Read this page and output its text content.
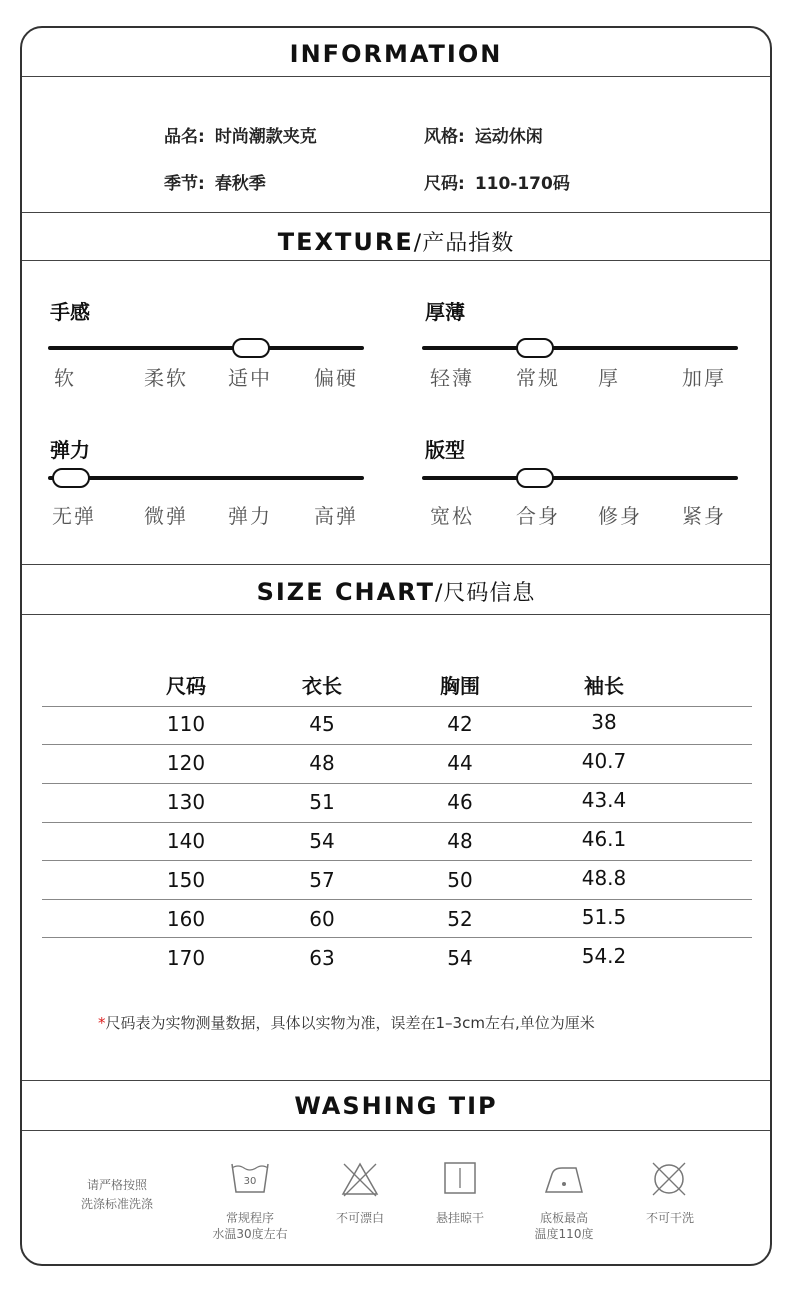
INFORMATION
品名: 时尚潮款夹克	风格: 运动休闲
季节: 春秋季	尺码: 110-170码
TEXTURE/产品指数
手感
软	柔软 适中 偏硬
厚薄
轻薄 常规 厚	加厚
弹力
无弹 微弹 弹力 高弹
版型
宽松 合身 修身 紧身
SIZE CHART/尺码信息
尺码	衣长	胸围	袖长
110	45	42	38
120	48	44	40.7
130	51	46	43.4
140	54	48	46.1
150	57	50	48.8
160	60	52	51.5
170	63	54	54.2
*尺码表为实物测量数据，具体以实物为准，误差在1–3cm左右,单位为厘米
WASHING TIP
请严格按照
洗涤标准洗涤
30
常规程序
水温30度左右
不可漂白	悬挂晾干	底板最高
温度110度
不可干洗
